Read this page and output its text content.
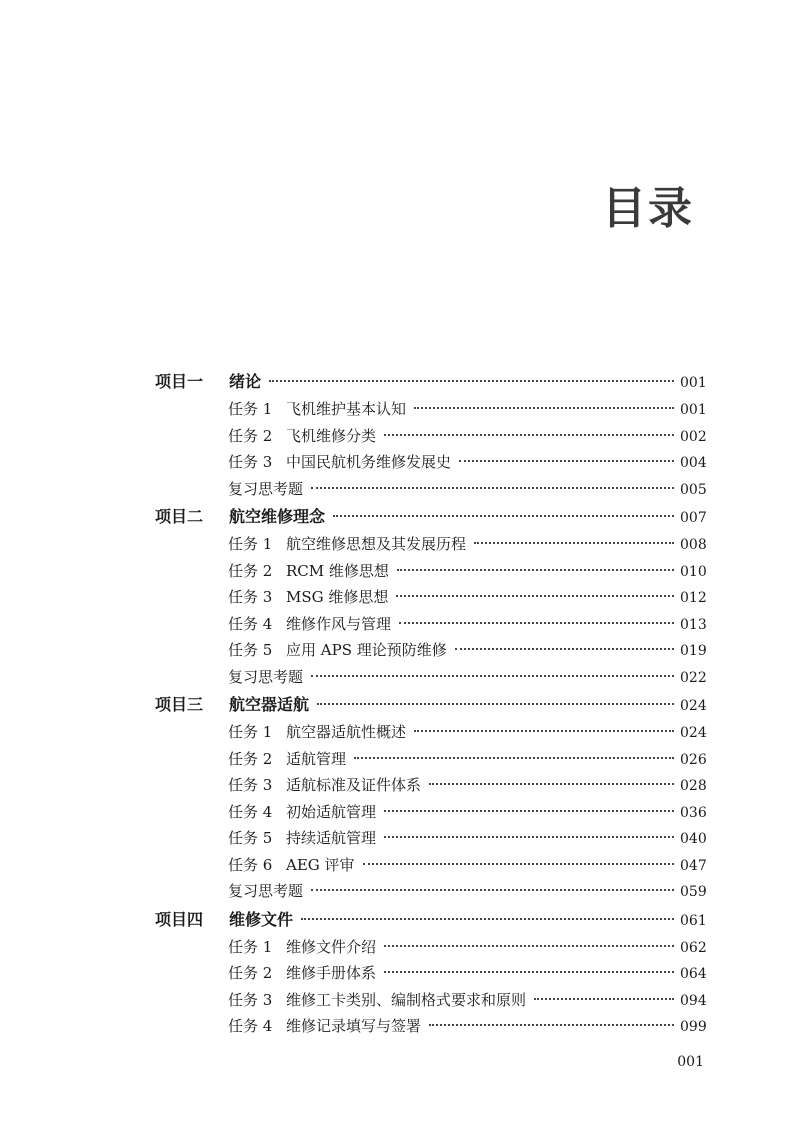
目录
项目一	绪论	001
任务 1 飞机维护基本认知	001
任务 2 飞机维修分类	002
任务 3 中国民航机务维修发展史	004
复习思考题	005
项目二	航空维修理念	007
任务 1 航空维修思想及其发展历程	008
任务 2 RCM 维修思想	010
任务 3 MSG 维修思想	012
任务 4 维修作风与管理	013
任务 5 应用 APS 理论预防维修	019
复习思考题	022
项目三	航空器适航	024
任务 1 航空器适航性概述	024
任务 2 适航管理	026
任务 3 适航标准及证件体系	028
任务 4 初始适航管理	036
任务 5 持续适航管理	040
任务 6 AEG 评审	047
复习思考题	059
项目四	维修文件	061
任务 1 维修文件介绍	062
任务 2 维修手册体系	064
任务 3 维修工卡类别、编制格式要求和原则	094
任务 4 维修记录填写与签署	099
001
